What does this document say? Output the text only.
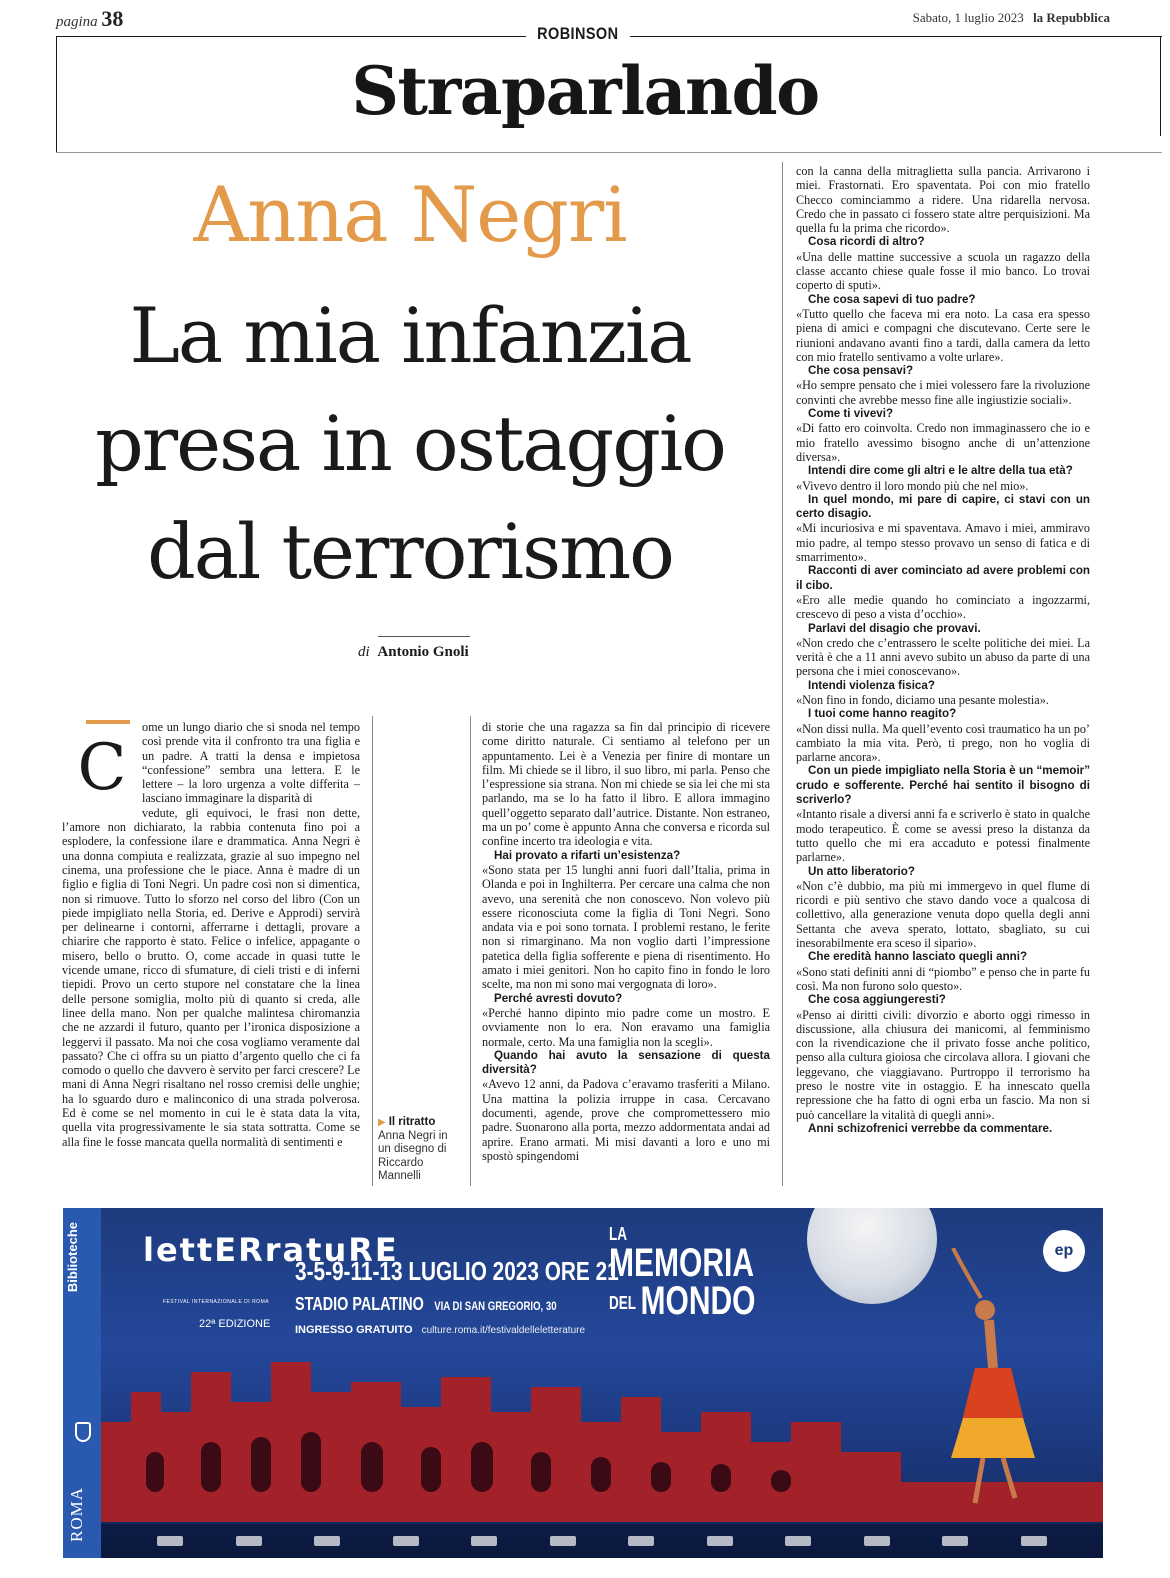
pagina 38
ROBINSON
Sabato, 1 luglio 2023 la Repubblica
Straparlando
Anna Negri
La mia infanzia
presa in ostaggio
dal terrorismo
di Antonio Gnoli
C

ome un lungo diario che si snoda nel tempo così prende vita il confronto tra una figlia e un padre. A tratti la densa e impietosa “confessione” sembra una lettera. E le lettere – la loro urgenza a volte differita – lasciano immaginare la disparità di

vedute, gli equivoci, le frasi non dette, l’amore non dichiarato, la rabbia contenuta fino poi a esplodere, la confessione ilare e drammatica. Anna Negri è una donna compiuta e realizzata, grazie al suo impegno nel cinema, una professione che le piace. Anna è madre di un figlio e figlia di Toni Negri. Un padre così non si dimentica, non si rimuove. Tutto lo sforzo nel corso del libro (Con un piede impigliato nella Storia, ed. Derive e Approdi) servirà per delinearne i contorni, afferrarne i dettagli, provare a chiarire che rapporto è stato. Felice o infelice, appagante o misero, bello o brutto. O, come accade in quasi tutte le vicende umane, ricco di sfumature, di cieli tristi e di inferni tiepidi. Provo un certo stupore nel constatare che la linea delle persone somiglia, molto più di quanto si creda, alle linee della mano. Non per qualche malintesa chiromanzia che ne azzardi il futuro, quanto per l’ironica disposizione a leggervi il passato. Ma noi che cosa vogliamo veramente dal passato? Che ci offra su un piatto d’argento quello che ci fa comodo o quello che davvero è servito per farci crescere? Le mani di Anna Negri risaltano nel rosso cremisi delle unghie; ha lo sguardo duro e malinconico di una strada polverosa. Ed è come se nel momento in cui le è stata data la vita, quella vita progressivamente le sia stata sottratta. Come se alla fine le fosse mancata quella normalità di sentimenti e

▶ Il ritratto
Anna Negri in un disegno di Riccardo Mannelli

di storie che una ragazza sa fin dal principio di ricevere come diritto naturale. Ci sentiamo al telefono per un appuntamento. Lei è a Venezia per finire di montare un film. Mi chiede se il libro, il suo libro, mi parla. Penso che l’espressione sia strana. Non mi chiede se sia lei che mi sta parlando, ma se lo ha fatto il libro. E allora immagino quell’oggetto separato dall’autrice. Distante. Non estraneo, ma un po’ come è appunto Anna che conversa e ricorda sul confine incerto tra ideologia e vita.

Hai provato a rifarti un’esistenza?

«Sono stata per 15 lunghi anni fuori dall’Italia, prima in Olanda e poi in Inghilterra. Per cercare una calma che non avevo, una serenità che non conoscevo. Non volevo più essere riconosciuta come la figlia di Toni Negri. Sono andata via e poi sono tornata. I problemi restano, le ferite non si rimarginano. Ma non voglio darti l’impressione patetica della figlia sofferente e piena di risentimento. Ho amato i miei genitori. Non ho capito fino in fondo le loro scelte, ma non mi sono mai vergognata di loro».

Perché avresti dovuto?

«Perché hanno dipinto mio padre come un mostro. E ovviamente non lo era. Non eravamo una famiglia normale, certo. Ma una famiglia non la scegli».

Quando hai avuto la sensazione di questa diversità?

«Avevo 12 anni, da Padova c’eravamo trasferiti a Milano. Una mattina la polizia irruppe in casa. Cercavano documenti, agende, prove che compromettessero mio padre. Suonarono alla porta, mezzo addormentata andai ad aprire. Erano armati. Mi misi davanti a loro e uno mi spostò spingendomi

con la canna della mitraglietta sulla pancia. Arrivarono i miei. Frastornati. Ero spaventata. Poi con mio fratello Checco cominciammo a ridere. Una ridarella nervosa. Credo che in passato ci fossero state altre perquisizioni. Ma quella fu la prima che ricordo».

Cosa ricordi di altro?

«Una delle mattine successive a scuola un ragazzo della classe accanto chiese quale fosse il mio banco. Lo trovai coperto di sputi».

Che cosa sapevi di tuo padre?

«Tutto quello che faceva mi era noto. La casa era spesso piena di amici e compagni che discutevano. Certe sere le riunioni andavano avanti fino a tardi, dalla camera da letto con mio fratello sentivamo a volte urlare».

Che cosa pensavi?

«Ho sempre pensato che i miei volessero fare la rivoluzione convinti che avrebbe messo fine alle ingiustizie sociali».

Come ti vivevi?

«Di fatto ero coinvolta. Credo non immaginassero che io e mio fratello avessimo bisogno anche di un’attenzione diversa».

Intendi dire come gli altri e le altre della tua età?

«Vivevo dentro il loro mondo più che nel mio».

In quel mondo, mi pare di capire, ci stavi con un certo disagio.

«Mi incuriosiva e mi spaventava. Amavo i miei, ammiravo mio padre, al tempo stesso provavo un senso di fatica e di smarrimento».

Racconti di aver cominciato ad avere problemi con il cibo.

«Ero alle medie quando ho cominciato a ingozzarmi, crescevo di peso a vista d’occhio».

Parlavi del disagio che provavi.

«Non credo che c’entrassero le scelte politiche dei miei. La verità è che a 11 anni avevo subito un abuso da parte di una persona che i miei conoscevano».

Intendi violenza fisica?

«Non fino in fondo, diciamo una pesante molestia».

I tuoi come hanno reagito?

«Non dissi nulla. Ma quell’evento così traumatico ha un po’ cambiato la mia vita. Però, ti prego, non ho voglia di parlarne ancora».

Con un piede impigliato nella Storia è un “memoir” crudo e sofferente. Perché hai sentito il bisogno di scriverlo?

«Intanto risale a diversi anni fa e scriverlo è stato in qualche modo terapeutico. È come se avessi preso la distanza da tutto quello che mi era accaduto e potessi finalmente parlarne».

Un atto liberatorio?

«Non c’è dubbio, ma più mi immergevo in quel flume di ricordi e più sentivo che stavo dando voce a qualcosa di collettivo, alla generazione venuta dopo quella degli anni Settanta che aveva sperato, lottato, sbagliato, su cui inesorabilmente era sceso il sipario».

Che eredità hanno lasciato quegli anni?

«Sono stati definiti anni di “piombo” e penso che in parte fu così. Ma non furono solo questo».

Che cosa aggiungeresti?

«Penso ai diritti civili: divorzio e aborto oggi rimesso in discussione, alla chiusura dei manicomi, al femminismo con la rivendicazione che il privato fosse anche politico, penso alla cultura gioiosa che circolava allora. I giovani che leggevano, che viaggiavano. Purtroppo il terrorismo ha preso le nostre vite in ostaggio. E ha innescato quella repressione che ha fatto di ogni erba un fascio. Ma non si può cancellare la vitalità di quegli anni».

Anni schizofrenici verrebbe da commentare.

Biblioteche
ROMA
lettERratuRE
FESTIVAL INTERNAZIONALE DI ROMA
22ª EDIZIONE
3-5-9-11-13 LUGLIO 2023 ORE 21
STADIO PALATINO VIA DI SAN GREGORIO, 30
INGRESSO GRATUITO culture.roma.it/festivaldelleletterature
LA
MEMORIA
DEL MONDO
ep
